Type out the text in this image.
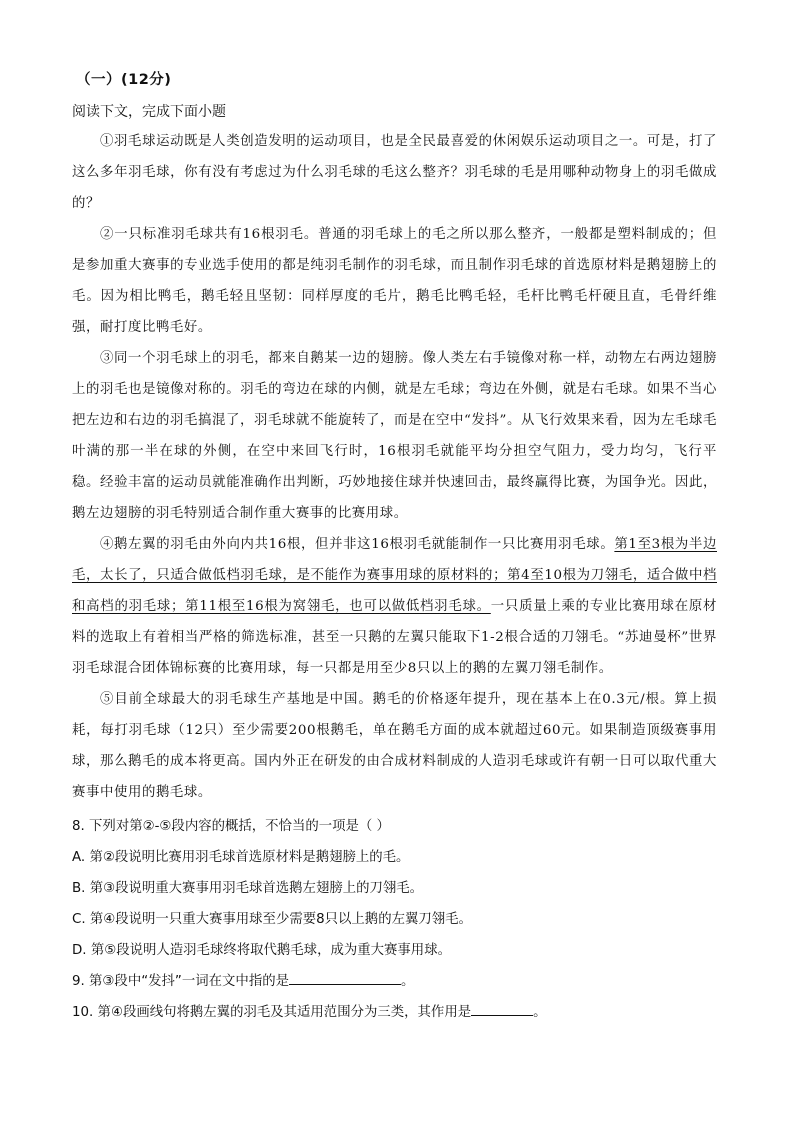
（一）(12分)
阅读下文，完成下面小题

①羽毛球运动既是人类创造发明的运动项目，也是全民最喜爱的休闲娱乐运动项目之一。可是，打了这么多年羽毛球，你有没有考虑过为什么羽毛球的毛这么整齐？羽毛球的毛是用哪种动物身上的羽毛做成的？

②一只标准羽毛球共有16根羽毛。普通的羽毛球上的毛之所以那么整齐，一般都是塑料制成的；但是参加重大赛事的专业选手使用的都是纯羽毛制作的羽毛球，而且制作羽毛球的首选原材料是鹅翅膀上的毛。因为相比鸭毛，鹅毛轻且坚韧：同样厚度的毛片，鹅毛比鸭毛轻，毛杆比鸭毛杆硬且直，毛骨纤维强，耐打度比鸭毛好。

③同一个羽毛球上的羽毛，都来自鹅某一边的翅膀。像人类左右手镜像对称一样，动物左右两边翅膀上的羽毛也是镜像对称的。羽毛的弯边在球的内侧，就是左毛球；弯边在外侧，就是右毛球。如果不当心把左边和右边的羽毛搞混了，羽毛球就不能旋转了，而是在空中“发抖”。从飞行效果来看，因为左毛球毛叶满的那一半在球的外侧，在空中来回飞行时，16根羽毛就能平均分担空气阻力，受力均匀，飞行平稳。经验丰富的运动员就能准确作出判断，巧妙地接住球并快速回击，最终赢得比赛，为国争光。因此，鹅左边翅膀的羽毛特别适合制作重大赛事的比赛用球。

④鹅左翼的羽毛由外向内共16根，但并非这16根羽毛就能制作一只比赛用羽毛球。第1至3根为半边毛，太长了，只适合做低档羽毛球，是不能作为赛事用球的原材料的；第4至10根为刀翎毛，适合做中档和高档的羽毛球；第11根至16根为窝翎毛，也可以做低档羽毛球。一只质量上乘的专业比赛用球在原材料的选取上有着相当严格的筛选标准，甚至一只鹅的左翼只能取下1-2根合适的刀翎毛。“苏迪曼杯”世界羽毛球混合团体锦标赛的比赛用球，每一只都是用至少8只以上的鹅的左翼刀翎毛制作。

⑤目前全球最大的羽毛球生产基地是中国。鹅毛的价格逐年提升，现在基本上在0.3元/根。算上损耗，每打羽毛球（12只）至少需要200根鹅毛，单在鹅毛方面的成本就超过60元。如果制造顶级赛事用球，那么鹅毛的成本将更高。国内外正在研发的由合成材料制成的人造羽毛球或许有朝一日可以取代重大赛事中使用的鹅毛球。

8. 下列对第②-⑤段内容的概括，不恰当的一项是（ ）

A. 第②段说明比赛用羽毛球首选原材料是鹅翅膀上的毛。

B. 第③段说明重大赛事用羽毛球首选鹅左翅膀上的刀翎毛。

C. 第④段说明一只重大赛事用球至少需要8只以上鹅的左翼刀翎毛。

D. 第⑤段说明人造羽毛球终将取代鹅毛球，成为重大赛事用球。

9. 第③段中“发抖”一词在文中指的是	。

10. 第④段画线句将鹅左翼的羽毛及其适用范围分为三类，其作用是	。
